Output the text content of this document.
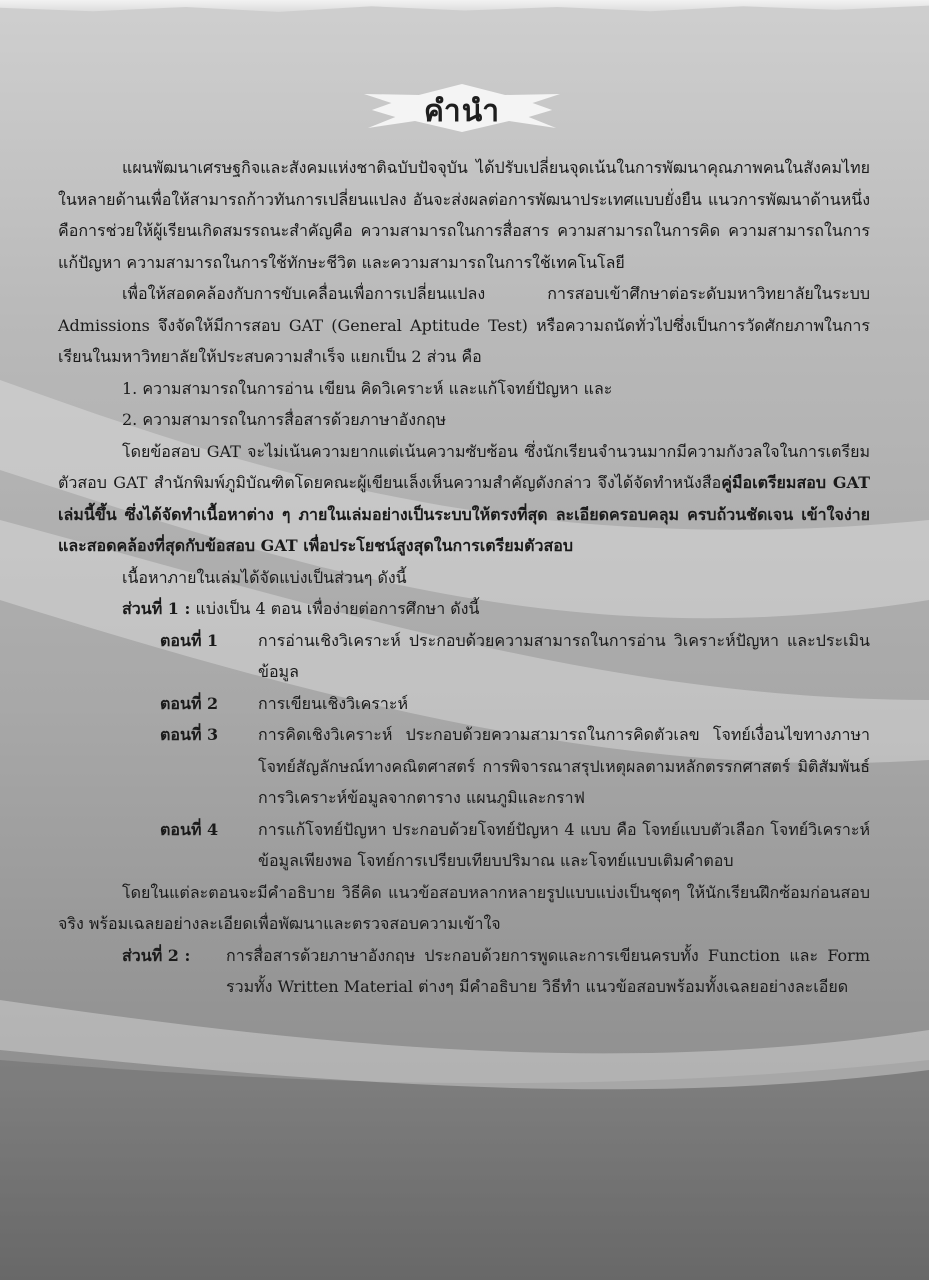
คำนำ

แผนพัฒนาเศรษฐกิจและสังคมแห่งชาติฉบับปัจจุบัน ได้ปรับเปลี่ยนจุดเน้นในการพัฒนาคุณภาพคนในสังคมไทยในหลายด้านเพื่อให้สามารถก้าวทันการเปลี่ยนแปลง อันจะส่งผลต่อการพัฒนาประเทศแบบยั่งยืน แนวการพัฒนาด้านหนึ่งคือการช่วยให้ผู้เรียนเกิดสมรรถนะสำคัญคือ ความสามารถในการสื่อสาร ความสามารถในการคิด ความสามารถในการแก้ปัญหา ความสามารถในการใช้ทักษะชีวิต และความสามารถในการใช้เทคโนโลยี

เพื่อให้สอดคล้องกับการขับเคลื่อนเพื่อการเปลี่ยนแปลง การสอบเข้าศึกษาต่อระดับมหาวิทยาลัยในระบบ Admissions จึงจัดให้มีการสอบ GAT (General Aptitude Test) หรือความถนัดทั่วไปซึ่งเป็นการวัดศักยภาพในการเรียนในมหาวิทยาลัยให้ประสบความสำเร็จ แยกเป็น 2 ส่วน คือ

1. ความสามารถในการอ่าน เขียน คิดวิเคราะห์ และแก้โจทย์ปัญหา และ

2. ความสามารถในการสื่อสารด้วยภาษาอังกฤษ

โดยข้อสอบ GAT จะไม่เน้นความยากแต่เน้นความซับซ้อน ซึ่งนักเรียนจำนวนมากมีความกังวลใจในการเตรียมตัวสอบ GAT สำนักพิมพ์ภูมิบัณฑิตโดยคณะผู้เขียนเล็งเห็นความสำคัญดังกล่าว จึงได้จัดทำหนังสือคู่มือเตรียมสอบ GAT เล่มนี้ขึ้น ซึ่งได้จัดทำเนื้อหาต่าง ๆ ภายในเล่มอย่างเป็นระบบให้ตรงที่สุด ละเอียดครอบคลุม ครบถ้วนชัดเจน เข้าใจง่ายและสอดคล้องที่สุดกับข้อสอบ GAT เพื่อประโยชน์สูงสุดในการเตรียมตัวสอบ

เนื้อหาภายในเล่มได้จัดแบ่งเป็นส่วนๆ ดังนี้

ส่วนที่ 1 : แบ่งเป็น 4 ตอน เพื่อง่ายต่อการศึกษา ดังนี้

ตอนที่ 1	การอ่านเชิงวิเคราะห์ ประกอบด้วยความสามารถในการอ่าน วิเคราะห์ปัญหา และประเมินข้อมูล
ตอนที่ 2	การเขียนเชิงวิเคราะห์
ตอนที่ 3	การคิดเชิงวิเคราะห์ ประกอบด้วยความสามารถในการคิดตัวเลข โจทย์เงื่อนไขทางภาษา โจทย์สัญลักษณ์ทางคณิตศาสตร์ การพิจารณาสรุปเหตุผลตามหลักตรรกศาสตร์ มิติสัมพันธ์ การวิเคราะห์ข้อมูลจากตาราง แผนภูมิและกราฟ
ตอนที่ 4	การแก้โจทย์ปัญหา ประกอบด้วยโจทย์ปัญหา 4 แบบ คือ โจทย์แบบตัวเลือก โจทย์วิเคราะห์ข้อมูลเพียงพอ โจทย์การเปรียบเทียบปริมาณ และโจทย์แบบเติมคำตอบ

โดยในแต่ละตอนจะมีคำอธิบาย วิธีคิด แนวข้อสอบหลากหลายรูปแบบแบ่งเป็นชุดๆ ให้นักเรียนฝึกซ้อมก่อนสอบจริง พร้อมเฉลยอย่างละเอียดเพื่อพัฒนาและตรวจสอบความเข้าใจ

ส่วนที่ 2 :	การสื่อสารด้วยภาษาอังกฤษ ประกอบด้วยการพูดและการเขียนครบทั้ง Function และ Form รวมทั้ง Written Material ต่างๆ มีคำอธิบาย วิธีทำ แนวข้อสอบพร้อมทั้งเฉลยอย่างละเอียด
